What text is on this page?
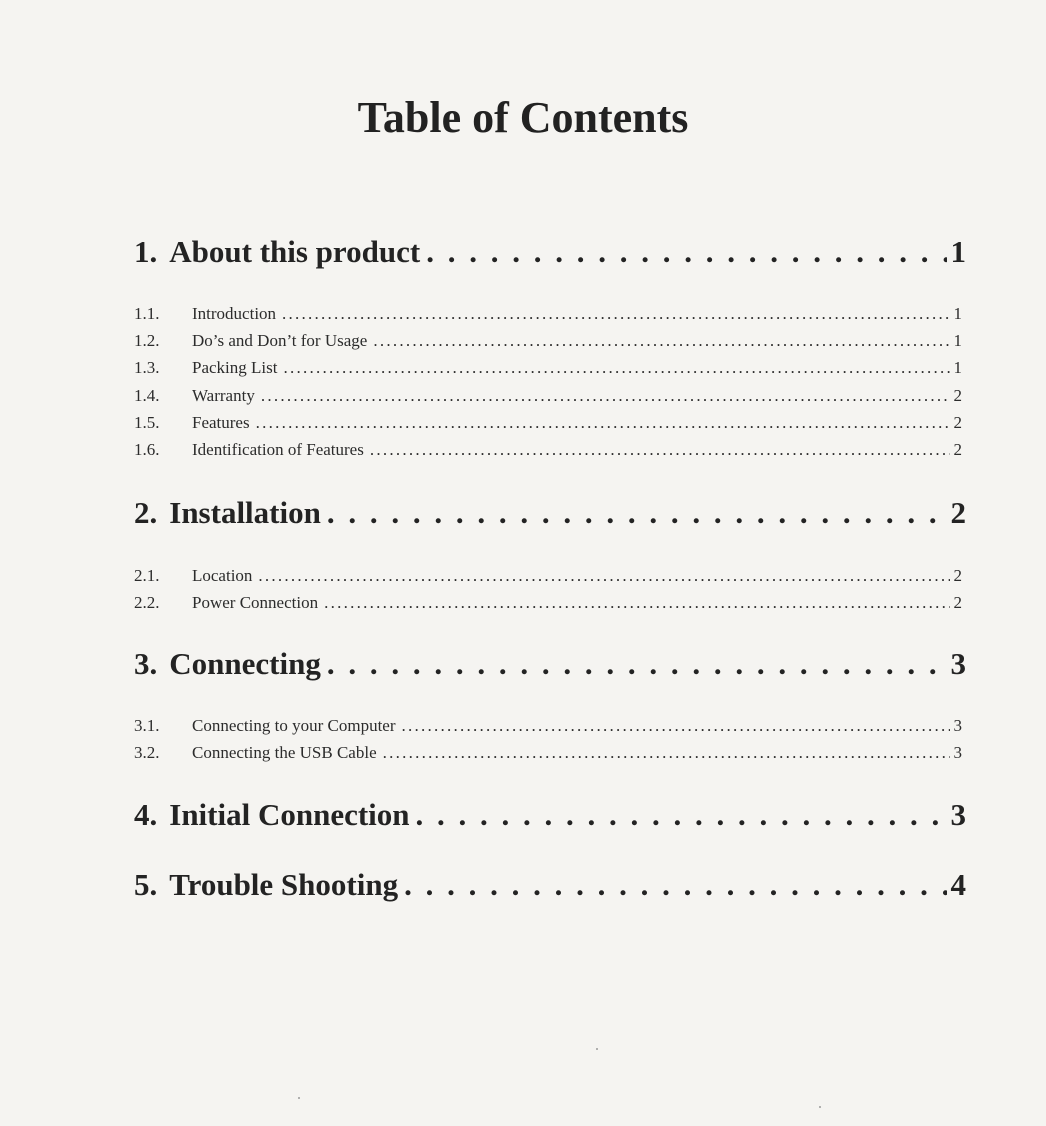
Table of Contents
1. About this product . . .	1
1.1.	Introduction . . .	1
1.2.	Do’s and Don’t for Usage . . .	1
1.3.	Packing List . . .	1
1.4.	Warranty . . .	2
1.5.	Features . . .	2
1.6.	Identification of Features . . .	2
2. Installation . . .	2
2.1.	Location . . .	2
2.2.	Power Connection . . .	2
3. Connecting . . .	3
3.1.	Connecting to your Computer . . .	3
3.2.	Connecting the USB Cable . . .	3
4. Initial Connection . . .	3
5. Trouble Shooting . . .	4
